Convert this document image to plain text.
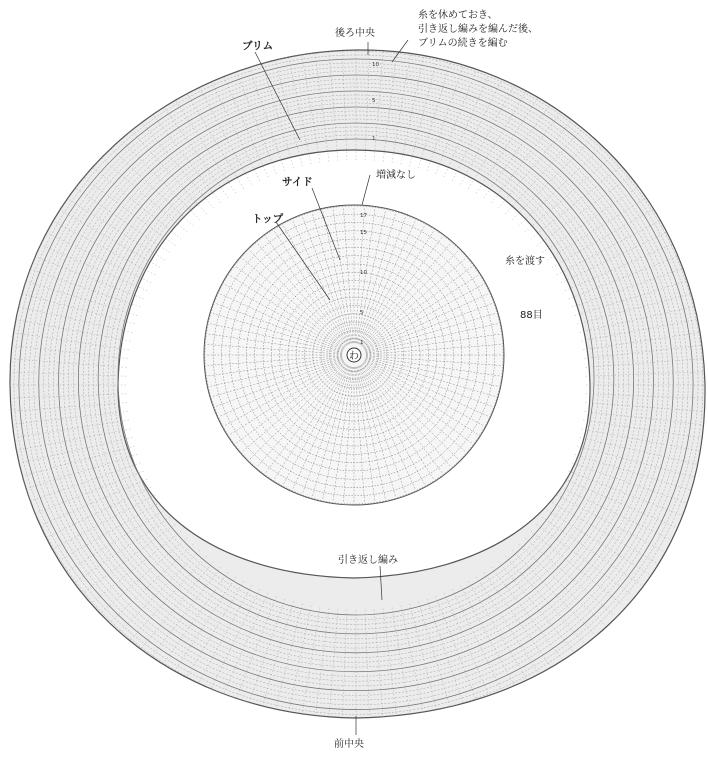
わ
17
15
10
5
1
10
5
1
後ろ中央
ブリム
サイド
トップ
増減なし
糸を渡す
88目
引き返し編み
前中央
糸を休めておき、
引き返し編みを編んだ後、
ブリムの続きを編む
